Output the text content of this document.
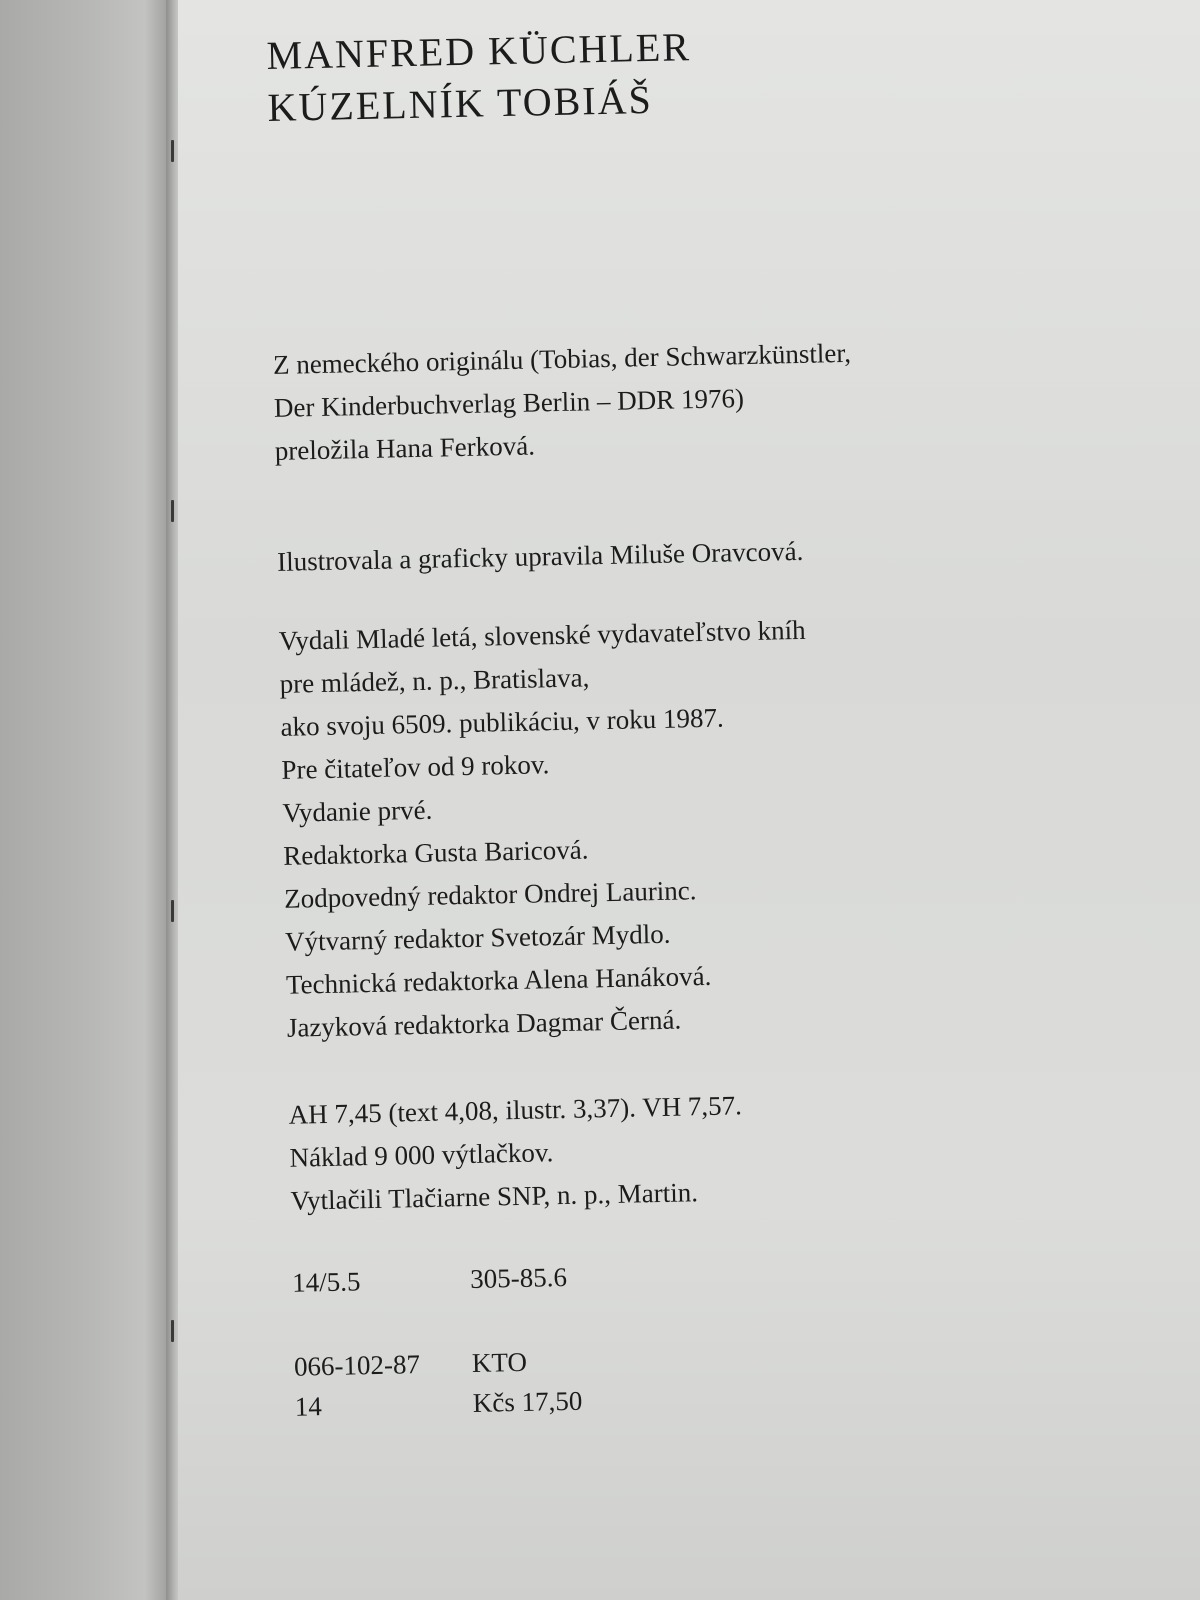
MANFRED KÜCHLER
KÚZELNÍK TOBIÁŠ
Z nemeckého originálu (Tobias, der Schwarzkünstler,
Der Kinderbuchverlag Berlin – DDR 1976)
preložila Hana Ferková.
Ilustrovala a graficky upravila Miluše Oravcová.
Vydali Mladé letá, slovenské vydavateľstvo kníh
pre mládež, n. p., Bratislava,
ako svoju 6509. publikáciu, v roku 1987.
Pre čitateľov od 9 rokov.
Vydanie prvé.
Redaktorka Gusta Baricová.
Zodpovedný redaktor Ondrej Laurinc.
Výtvarný redaktor Svetozár Mydlo.
Technická redaktorka Alena Hanáková.
Jazyková redaktorka Dagmar Černá.
AH 7,45 (text 4,08, ilustr. 3,37). VH 7,57.
Náklad 9 000 výtlačkov.
Vytlačili Tlačiarne SNP, n. p., Martin.
14/5.5	305-85.6
066-102-87	KTO
14	Kčs 17,50
